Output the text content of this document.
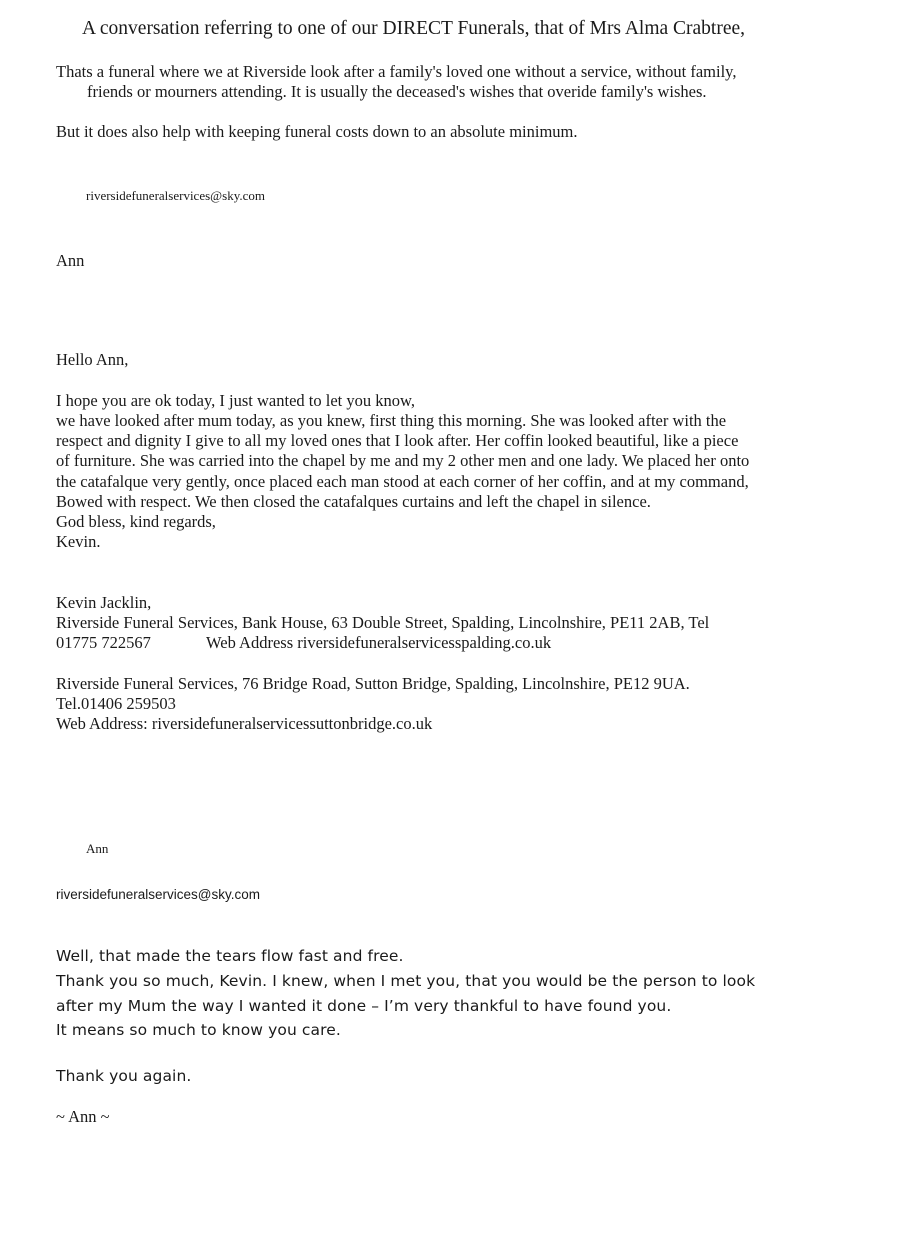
A conversation referring to one of our DIRECT Funerals, that of Mrs Alma Crabtree,
Thats a funeral where we at Riverside look after a family's loved one without a service, without family,
friends or mourners attending. It is usually the deceased's wishes that overide family's wishes.
But it does also help with keeping funeral costs down to an absolute minimum.
riversidefuneralservices@sky.com
Ann
Hello Ann,
I hope you are ok today, I just wanted to let you know,
we have looked after mum today, as you knew, first thing this morning. She was looked after with the
respect and dignity I give to all my loved ones that I look after. Her coffin looked beautiful, like a piece
of furniture. She was carried into the chapel by me and my 2 other men and one lady. We placed her onto
the catafalque very gently, once placed each man stood at each corner of her coffin, and at my command,
Bowed with respect. We then closed the catafalques curtains and left the chapel in silence.
God bless, kind regards,
Kevin.
Kevin Jacklin,
Riverside Funeral Services, Bank House, 63 Double Street, Spalding, Lincolnshire, PE11 2AB, Tel
01775 722567	Web Address riversidefuneralservicesspalding.co.uk
Riverside Funeral Services, 76 Bridge Road, Sutton Bridge, Spalding, Lincolnshire, PE12 9UA.
Tel.01406 259503
Web Address: riversidefuneralservicessuttonbridge.co.uk
Ann
riversidefuneralservices@sky.com
Well, that made the tears flow fast and free.
Thank you so much, Kevin. I knew, when I met you, that you would be the person to look
after my Mum the way I wanted it done – I’m very thankful to have found you.
It means so much to know you care.
Thank you again.
~ Ann ~
